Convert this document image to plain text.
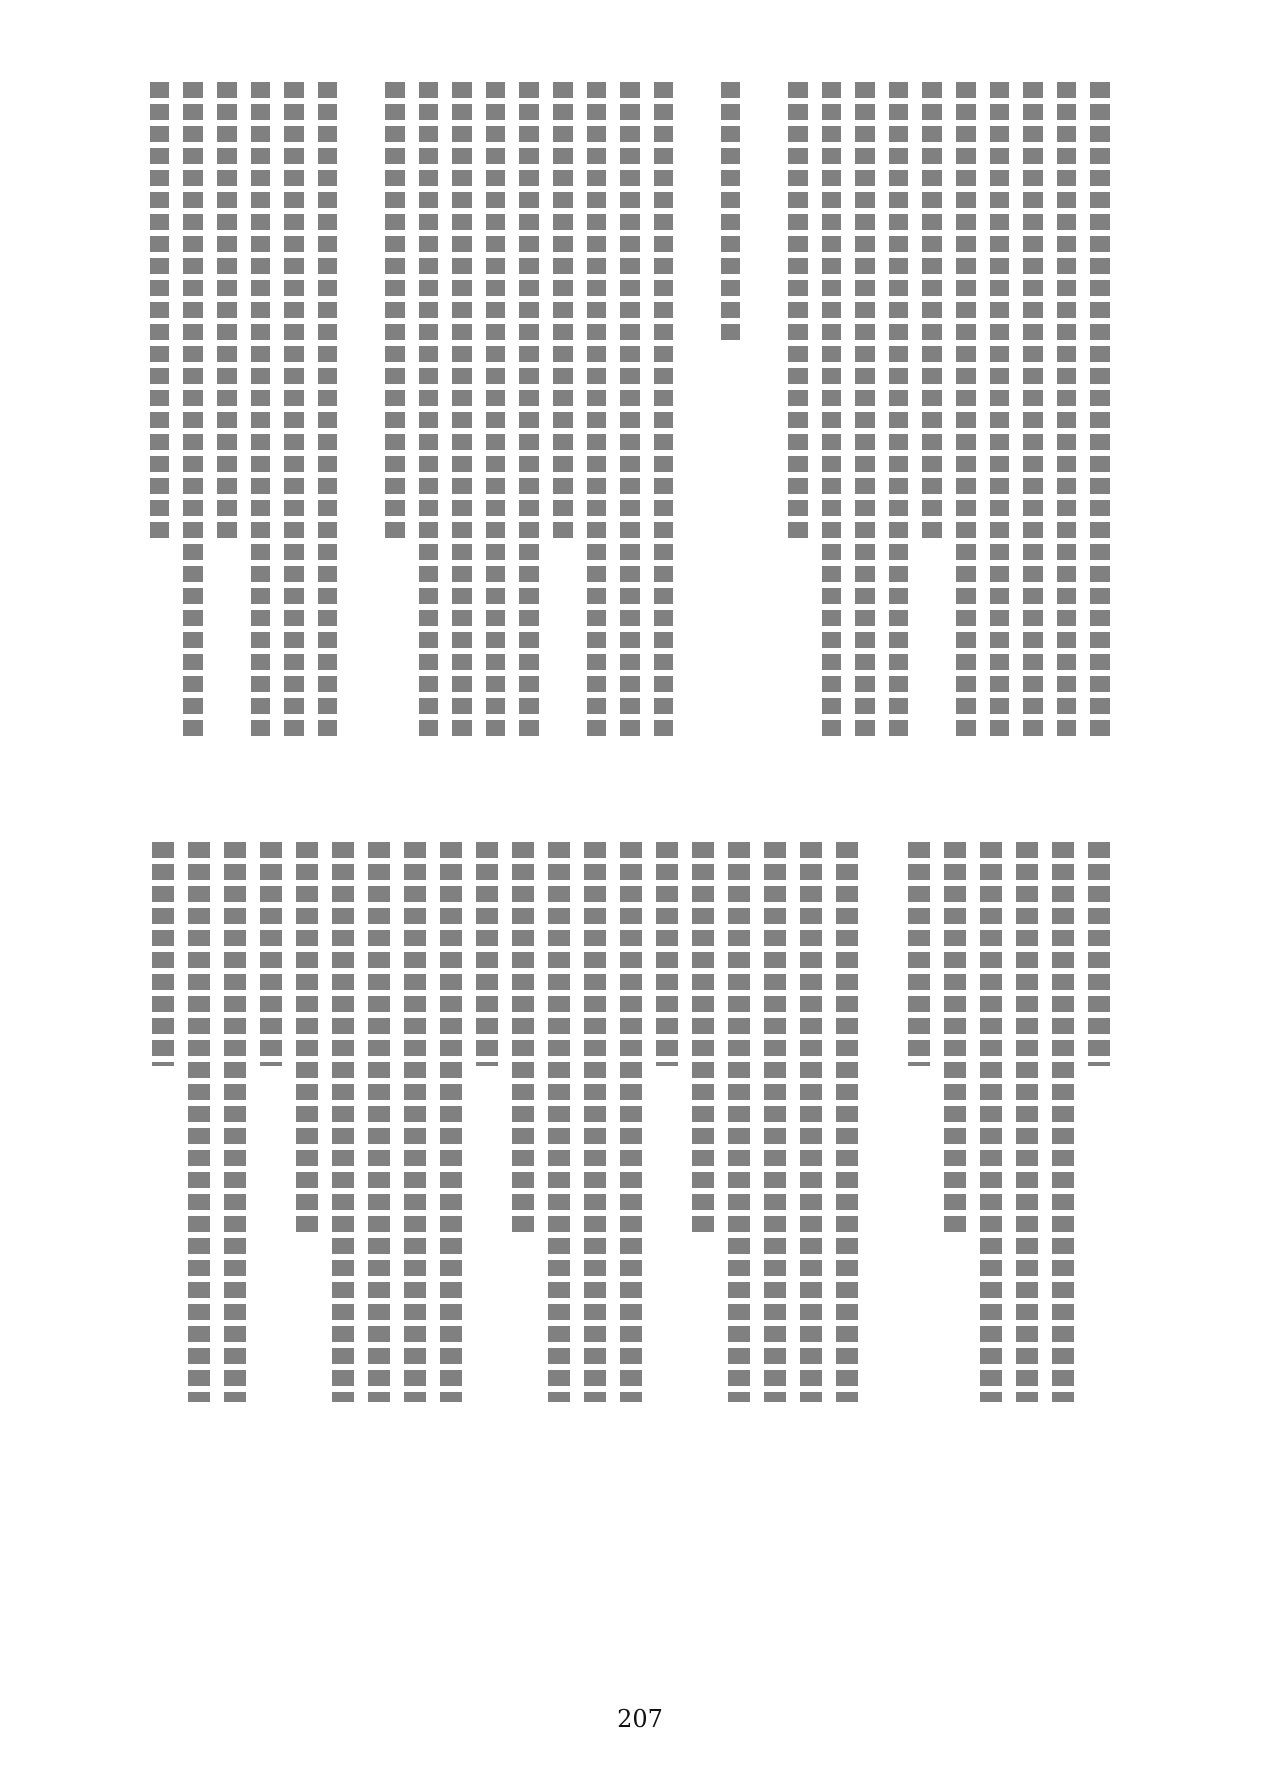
207
